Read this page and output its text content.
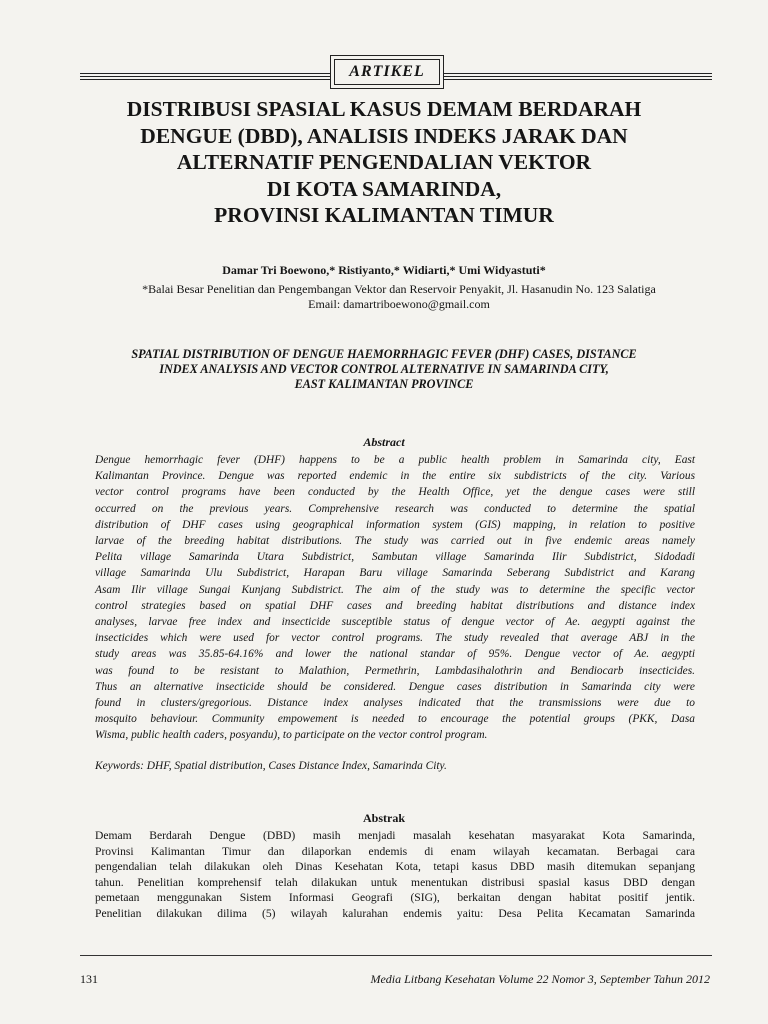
ARTIKEL
DISTRIBUSI SPASIAL KASUS DEMAM BERDARAH
DENGUE (DBD), ANALISIS INDEKS JARAK DAN
ALTERNATIF PENGENDALIAN VEKTOR
DI KOTA SAMARINDA,
PROVINSI KALIMANTAN TIMUR
Damar Tri Boewono,* Ristiyanto,* Widiarti,* Umi Widyastuti*
*Balai Besar Penelitian dan Pengembangan Vektor dan Reservoir Penyakit, Jl. Hasanudin No. 123 Salatiga
Email: damartriboewono@gmail.com
SPATIAL DISTRIBUTION OF DENGUE HAEMORRHAGIC FEVER (DHF) CASES, DISTANCE
INDEX ANALYSIS AND VECTOR CONTROL ALTERNATIVE IN SAMARINDA CITY,
EAST KALIMANTAN PROVINCE
Abstract
Dengue hemorrhagic fever (DHF) happens to be a public health problem in Samarinda city, East
Kalimantan Province. Dengue was reported endemic in the entire six subdistricts of the city. Various
vector control programs have been conducted by the Health Office, yet the dengue cases were still
occurred on the previous years. Comprehensive research was conducted to determine the spatial
distribution of DHF cases using geographical information system (GIS) mapping, in relation to positive
larvae of the breeding habitat distributions. The study was carried out in five endemic areas namely
Pelita village Samarinda Utara Subdistrict, Sambutan village Samarinda Ilir Subdistrict, Sidodadi
village Samarinda Ulu Subdistrict, Harapan Baru village Samarinda Seberang Subdistrict and Karang
Asam Ilir village Sungai Kunjang Subdistrict. The aim of the study was to determine the specific vector
control strategies based on spatial DHF cases and breeding habitat distributions and distance index
analyses, larvae free index and insecticide susceptible status of dengue vector of Ae. aegypti against the
insecticides which were used for vector control programs. The study revealed that average ABJ in the
study areas was 35.85-64.16% and lower the national standar of 95%. Dengue vector of Ae. aegypti
was found to be resistant to Malathion, Permethrin, Lambdasihalothrin and Bendiocarb insecticides.
Thus an alternative insecticide should be considered. Dengue cases distribution in Samarinda city were
found in clusters/gregorious. Distance index analyses indicated that the transmissions were due to
mosquito behaviour. Community empowement is needed to encourage the potential groups (PKK, Dasa
Wisma, public health caders, posyandu), to participate on the vector control program.
Keywords: DHF, Spatial distribution, Cases Distance Index, Samarinda City.
Abstrak
Demam Berdarah Dengue (DBD) masih menjadi masalah kesehatan masyarakat Kota Samarinda,
Provinsi Kalimantan Timur dan dilaporkan endemis di enam wilayah kecamatan. Berbagai cara
pengendalian telah dilakukan oleh Dinas Kesehatan Kota, tetapi kasus DBD masih ditemukan sepanjang
tahun. Penelitian komprehensif telah dilakukan untuk menentukan distribusi spasial kasus DBD dengan
pemetaan menggunakan Sistem Informasi Geografi (SIG), berkaitan dengan habitat positif jentik.
Penelitian dilakukan dilima (5) wilayah kalurahan endemis yaitu: Desa Pelita Kecamatan Samarinda
131	Media Litbang Kesehatan Volume 22 Nomor 3, September Tahun 2012
